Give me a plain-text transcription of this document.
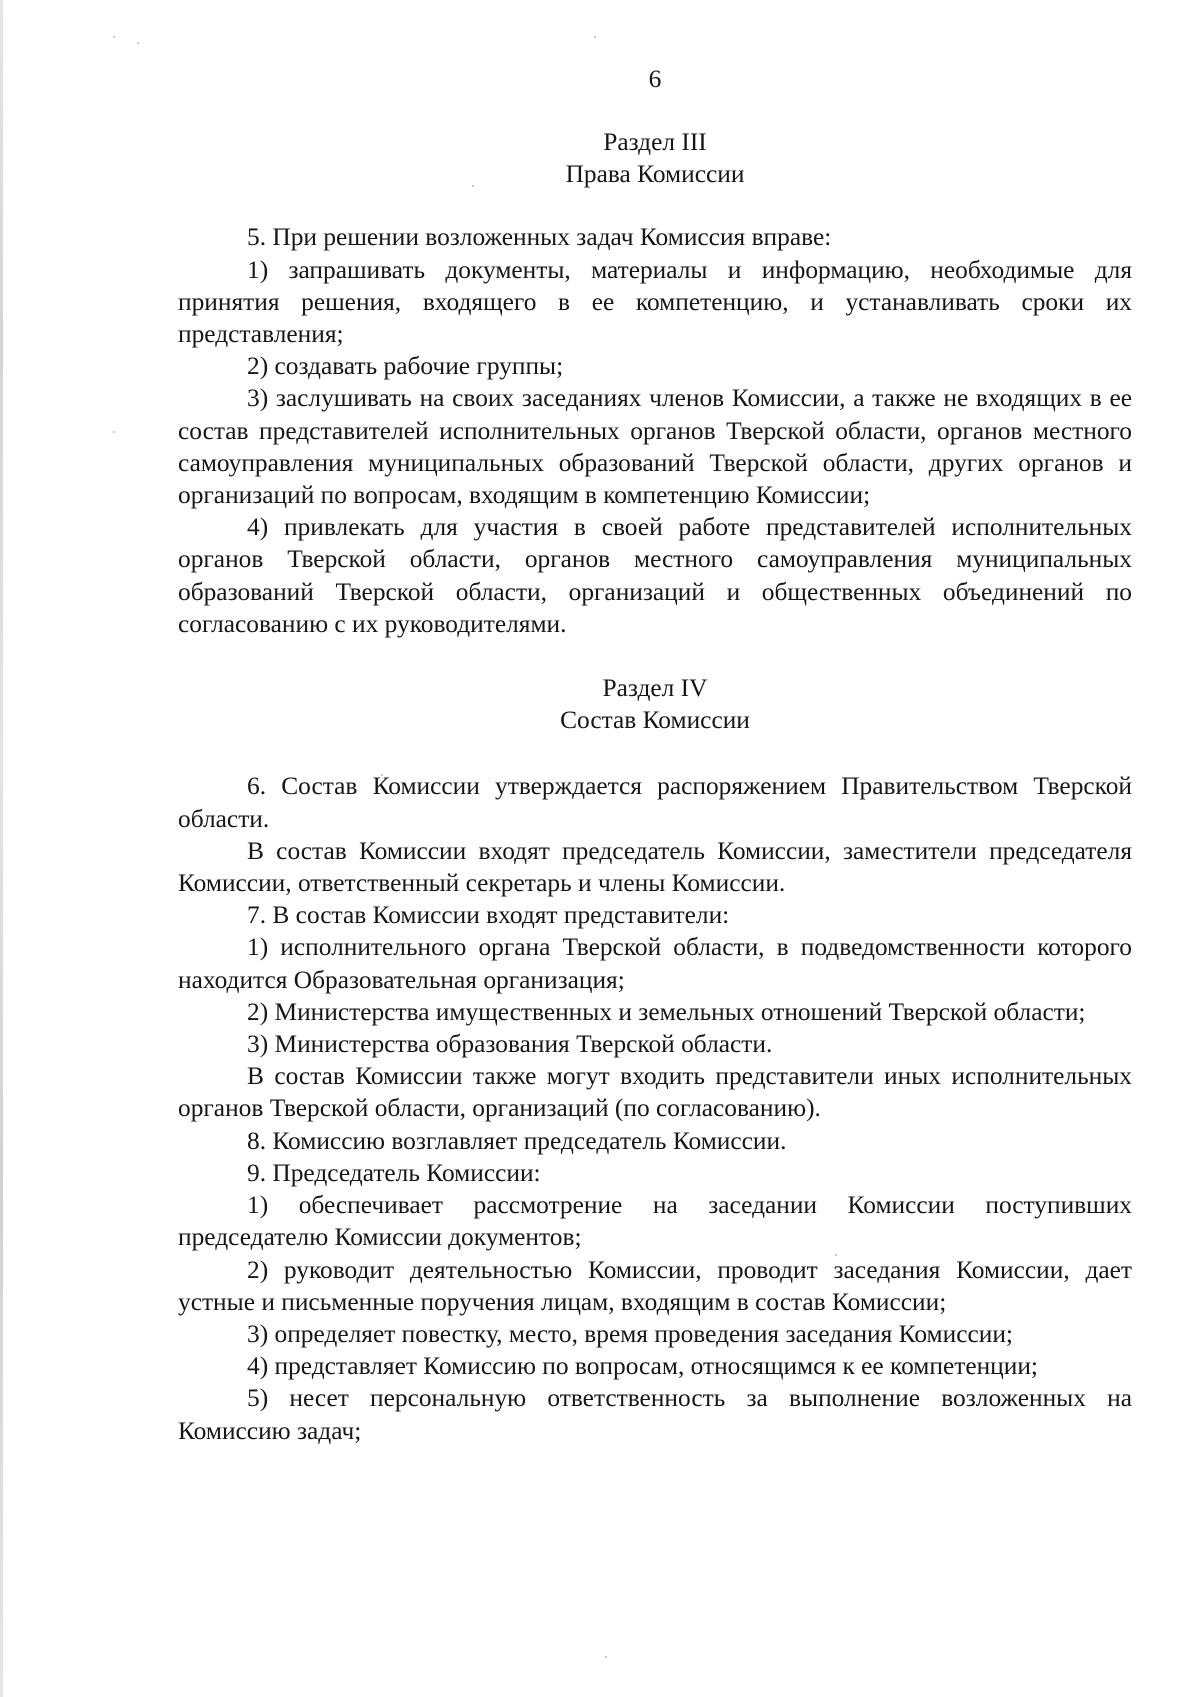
6
Раздел III
Права Комиссии

5. При решении возложенных задач Комиссия вправе:

1) запрашивать документы, материалы и информацию, необходимые для принятия решения, входящего в ее компетенцию, и устанавливать сроки их представления;

2) создавать рабочие группы;

3) заслушивать на своих заседаниях членов Комиссии, а также не входящих в ее состав представителей исполнительных органов Тверской области, органов местного самоуправления муниципальных образований Тверской области, других органов и организаций по вопросам, входящим в компетенцию Комиссии;

4) привлекать для участия в своей работе представителей исполнительных органов Тверской области, органов местного самоуправления муниципальных образований Тверской области, организаций и общественных объединений по согласованию с их руководителями.

Раздел IV
Состав Комиссии

6. Состав Комиссии утверждается распоряжением Правительством Тверской области.

В состав Комиссии входят председатель Комиссии, заместители председателя Комиссии, ответственный секретарь и члены Комиссии.

7. В состав Комиссии входят представители:

1) исполнительного органа Тверской области, в подведомственности которого находится Образовательная организация;

2) Министерства имущественных и земельных отношений Тверской области;

3) Министерства образования Тверской области.

В состав Комиссии также могут входить представители иных исполнительных органов Тверской области, организаций (по согласованию).

8. Комиссию возглавляет председатель Комиссии.

9. Председатель Комиссии:

1) обеспечивает рассмотрение на заседании Комиссии поступивших председателю Комиссии документов;

2) руководит деятельностью Комиссии, проводит заседания Комиссии, дает устные и письменные поручения лицам, входящим в состав Комиссии;

3) определяет повестку, место, время проведения заседания Комиссии;

4) представляет Комиссию по вопросам, относящимся к ее компетенции;

5) несет персональную ответственность за выполнение возложенных на Комиссию задач;
